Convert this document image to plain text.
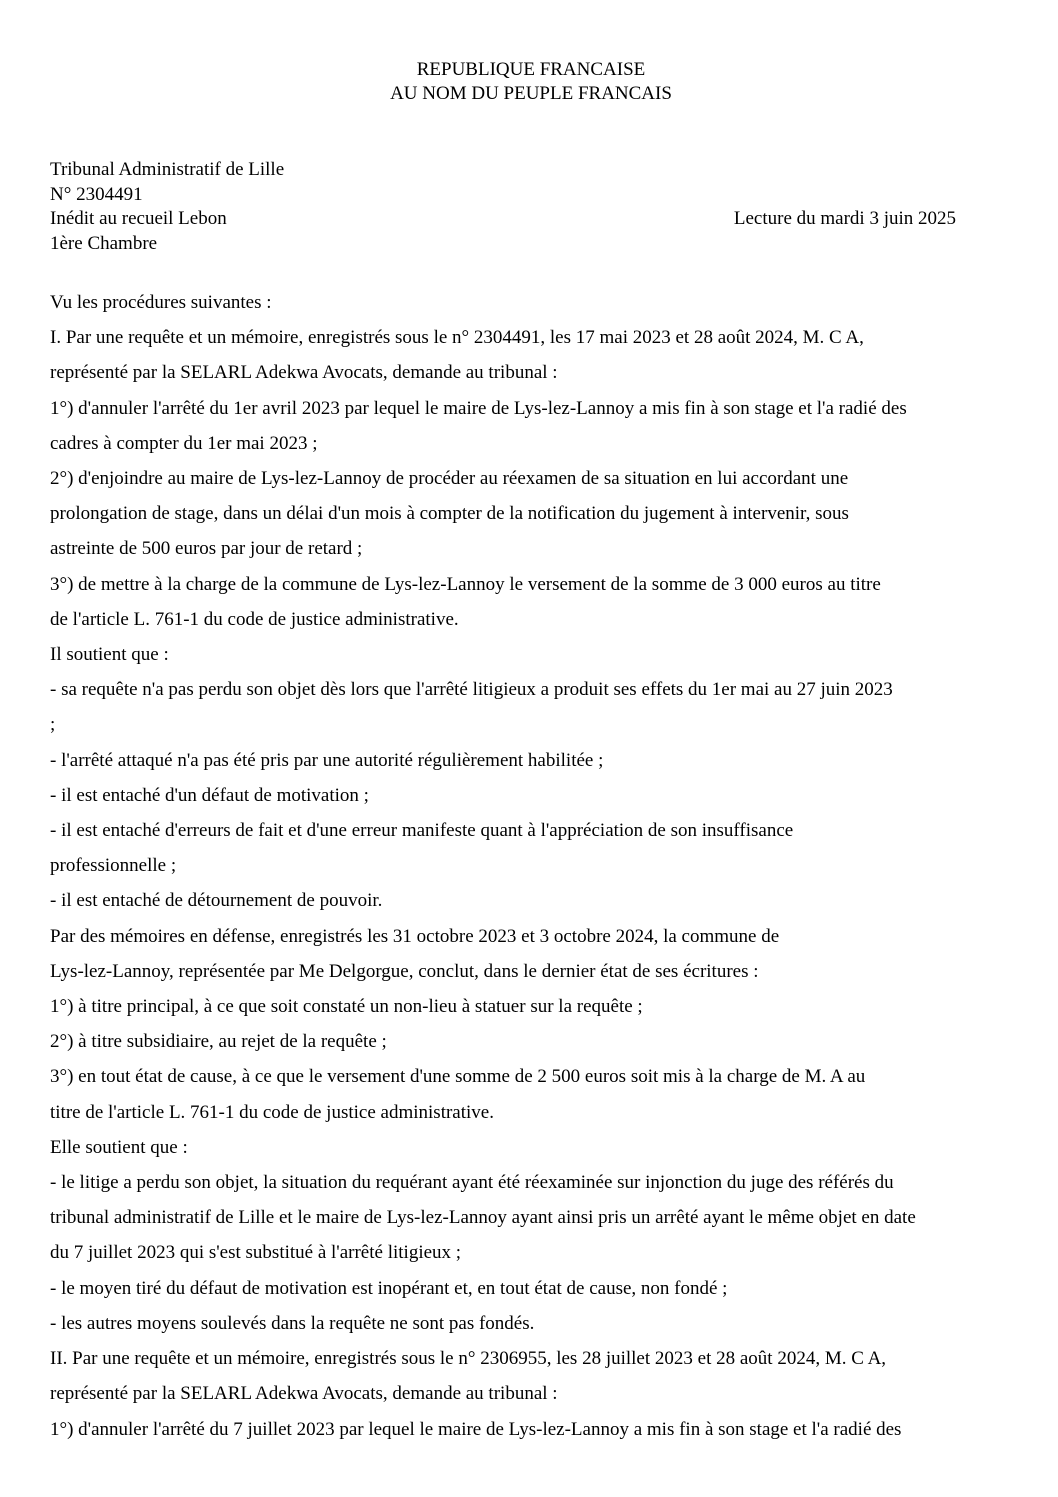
REPUBLIQUE FRANCAISE
AU NOM DU PEUPLE FRANCAIS
Tribunal Administratif de Lille
N° 2304491
Inédit au recueil Lebon	Lecture du mardi 3 juin 2025
1ère Chambre

Vu les procédures suivantes :

I. Par une requête et un mémoire, enregistrés sous le n° 2304491, les 17 mai 2023 et 28 août 2024, M. C A,

représenté par la SELARL Adekwa Avocats, demande au tribunal :

1°) d'annuler l'arrêté du 1er avril 2023 par lequel le maire de Lys-lez-Lannoy a mis fin à son stage et l'a radié des

cadres à compter du 1er mai 2023 ;

2°) d'enjoindre au maire de Lys-lez-Lannoy de procéder au réexamen de sa situation en lui accordant une

prolongation de stage, dans un délai d'un mois à compter de la notification du jugement à intervenir, sous

astreinte de 500 euros par jour de retard ;

3°) de mettre à la charge de la commune de Lys-lez-Lannoy le versement de la somme de 3 000 euros au titre

de l'article L. 761-1 du code de justice administrative.

Il soutient que :

- sa requête n'a pas perdu son objet dès lors que l'arrêté litigieux a produit ses effets du 1er mai au 27 juin 2023

;

- l'arrêté attaqué n'a pas été pris par une autorité régulièrement habilitée ;

- il est entaché d'un défaut de motivation ;

- il est entaché d'erreurs de fait et d'une erreur manifeste quant à l'appréciation de son insuffisance

professionnelle ;

- il est entaché de détournement de pouvoir.

Par des mémoires en défense, enregistrés les 31 octobre 2023 et 3 octobre 2024, la commune de

Lys-lez-Lannoy, représentée par Me Delgorgue, conclut, dans le dernier état de ses écritures :

1°) à titre principal, à ce que soit constaté un non-lieu à statuer sur la requête ;

2°) à titre subsidiaire, au rejet de la requête ;

3°) en tout état de cause, à ce que le versement d'une somme de 2 500 euros soit mis à la charge de M. A au

titre de l'article L. 761-1 du code de justice administrative.

Elle soutient que :

- le litige a perdu son objet, la situation du requérant ayant été réexaminée sur injonction du juge des référés du

tribunal administratif de Lille et le maire de Lys-lez-Lannoy ayant ainsi pris un arrêté ayant le même objet en date

du 7 juillet 2023 qui s'est substitué à l'arrêté litigieux ;

- le moyen tiré du défaut de motivation est inopérant et, en tout état de cause, non fondé ;

- les autres moyens soulevés dans la requête ne sont pas fondés.

II. Par une requête et un mémoire, enregistrés sous le n° 2306955, les 28 juillet 2023 et 28 août 2024, M. C A,

représenté par la SELARL Adekwa Avocats, demande au tribunal :

1°) d'annuler l'arrêté du 7 juillet 2023 par lequel le maire de Lys-lez-Lannoy a mis fin à son stage et l'a radié des
